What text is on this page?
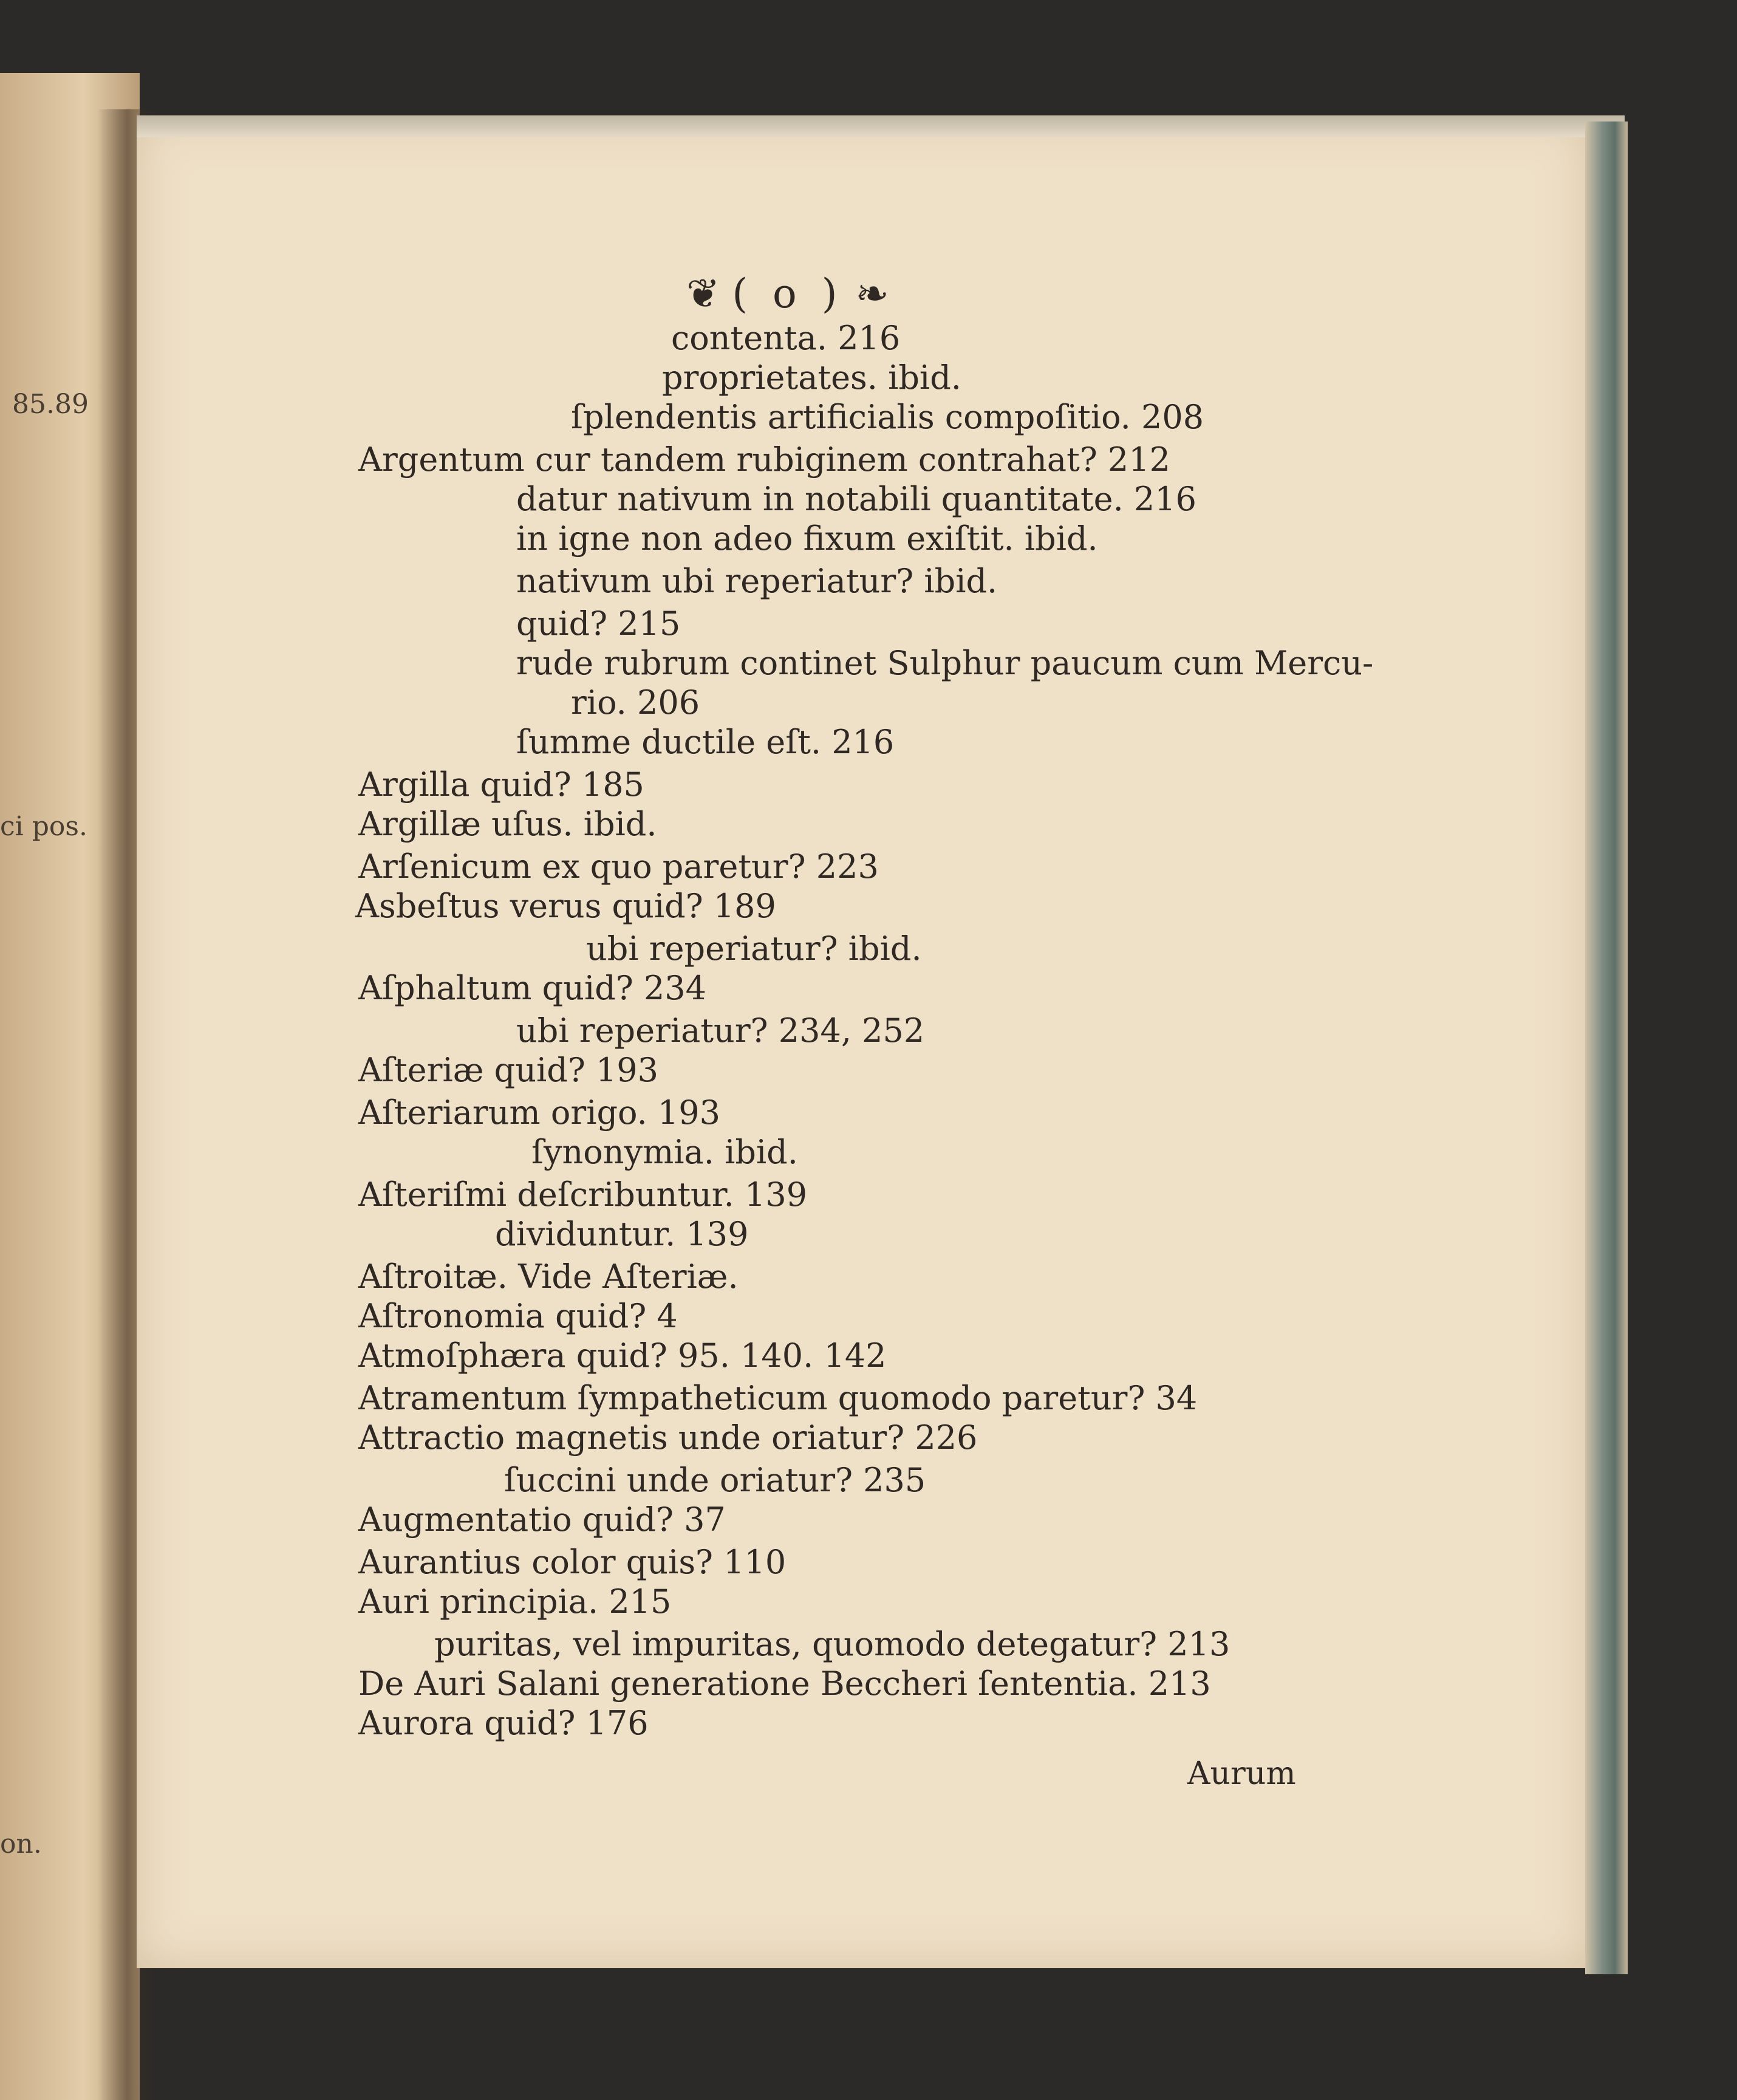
85.89
ci pos.
on.
❦ ( o ) ❧
contenta. 216
proprietates. ibid.
ſplendentis artificialis compoſitio. 208
Argentum cur tandem rubiginem contrahat? 212
datur nativum in notabili quantitate. 216
in igne non adeo fixum exiſtit. ibid.
nativum ubi reperiatur? ibid.
quid? 215
rude rubrum continet Sulphur paucum cum Mercu-
rio. 206
ſumme ductile eſt. 216
Argilla quid? 185
Argillæ uſus. ibid.
Arſenicum ex quo paretur? 223
Asbeſtus verus quid? 189
ubi reperiatur? ibid.
Aſphaltum quid? 234
ubi reperiatur? 234, 252
Aſteriæ quid? 193
Aſteriarum origo. 193
ſynonymia. ibid.
Aſteriſmi deſcribuntur. 139
dividuntur. 139
Aſtroitæ. Vide Aſteriæ.
Aſtronomia quid? 4
Atmoſphæra quid? 95. 140. 142
Atramentum ſympatheticum quomodo paretur? 34
Attractio magnetis unde oriatur? 226
ſuccini unde oriatur? 235
Augmentatio quid? 37
Aurantius color quis? 110
Auri principia. 215
puritas, vel impuritas, quomodo detegatur? 213
De Auri Salani generatione Beccheri ſententia. 213
Aurora quid? 176
Aurum
